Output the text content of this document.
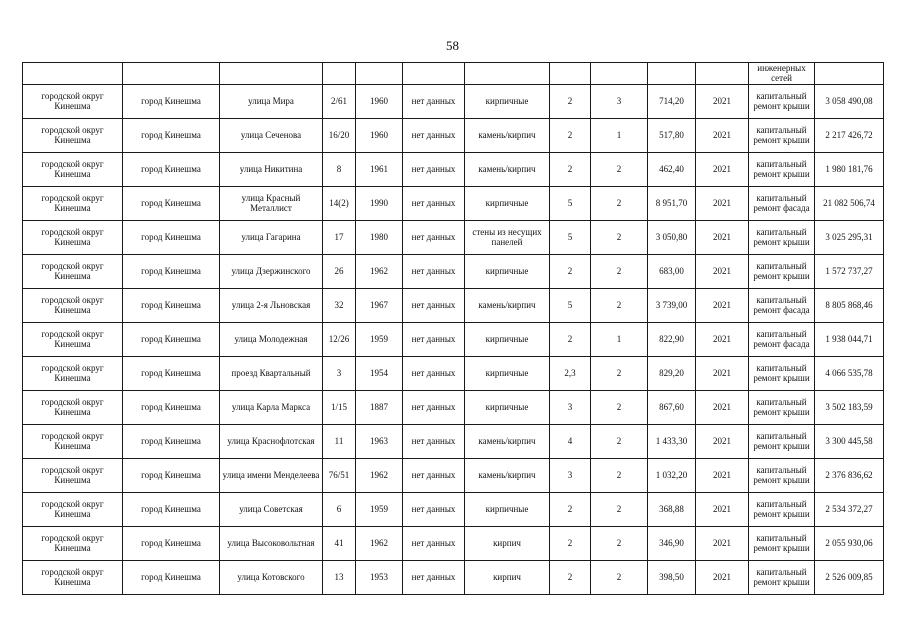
58
											инженерных сетей	
городской округ Кинешма	город Кинешма	улица Мира	2/61	1960	нет данных	кирпичные	2	3	714,20	2021	капитальный ремонт крыши	3 058 490,08
городской округ Кинешма	город Кинешма	улица Сеченова	16/20	1960	нет данных	камень/кирпич	2	1	517,80	2021	капитальный ремонт крыши	2 217 426,72
городской округ Кинешма	город Кинешма	улица Никитина	8	1961	нет данных	камень/кирпич	2	2	462,40	2021	капитальный ремонт крыши	1 980 181,76
городской округ Кинешма	город Кинешма	улица Красный Металлист	14(2)	1990	нет данных	кирпичные	5	2	8 951,70	2021	капитальный ремонт фасада	21 082 506,74
городской округ Кинешма	город Кинешма	улица Гагарина	17	1980	нет данных	стены из несущих панелей	5	2	3 050,80	2021	капитальный ремонт крыши	3 025 295,31
городской округ Кинешма	город Кинешма	улица Дзержинского	26	1962	нет данных	кирпичные	2	2	683,00	2021	капитальный ремонт крыши	1 572 737,27
городской округ Кинешма	город Кинешма	улица 2-я Льновская	32	1967	нет данных	камень/кирпич	5	2	3 739,00	2021	капитальный ремонт фасада	8 805 868,46
городской округ Кинешма	город Кинешма	улица Молодежная	12/26	1959	нет данных	кирпичные	2	1	822,90	2021	капитальный ремонт фасада	1 938 044,71
городской округ Кинешма	город Кинешма	проезд Квартальный	3	1954	нет данных	кирпичные	2,3	2	829,20	2021	капитальный ремонт крыши	4 066 535,78
городской округ Кинешма	город Кинешма	улица Карла Маркса	1/15	1887	нет данных	кирпичные	3	2	867,60	2021	капитальный ремонт крыши	3 502 183,59
городской округ Кинешма	город Кинешма	улица Краснофлотская	11	1963	нет данных	камень/кирпич	4	2	1 433,30	2021	капитальный ремонт крыши	3 300 445,58
городской округ Кинешма	город Кинешма	улица имени Менделеева	76/51	1962	нет данных	камень/кирпич	3	2	1 032,20	2021	капитальный ремонт крыши	2 376 836,62
городской округ Кинешма	город Кинешма	улица Советская	6	1959	нет данных	кирпичные	2	2	368,88	2021	капитальный ремонт крыши	2 534 372,27
городской округ Кинешма	город Кинешма	улица Высоковольтная	41	1962	нет данных	кирпич	2	2	346,90	2021	капитальный ремонт крыши	2 055 930,06
городской округ Кинешма	город Кинешма	улица Котовского	13	1953	нет данных	кирпич	2	2	398,50	2021	капитальный ремонт крыши	2 526 009,85
